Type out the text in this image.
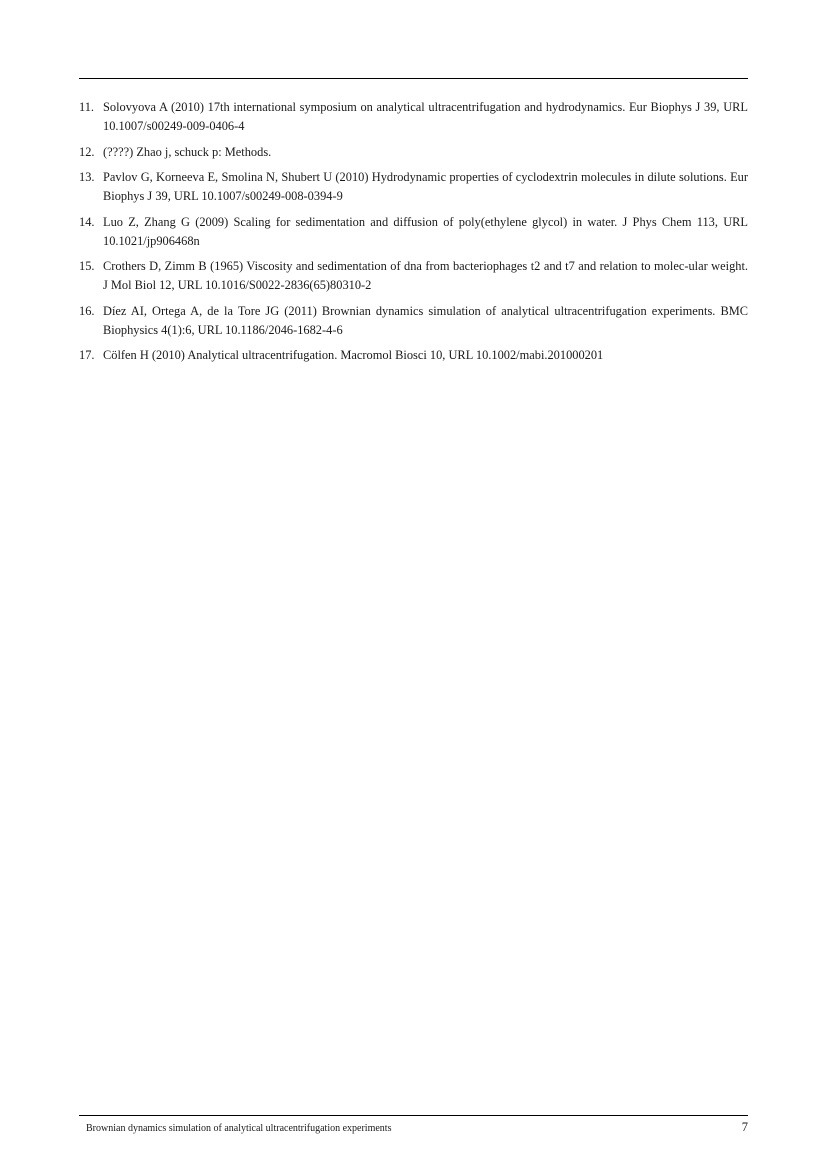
11. Solovyova A (2010) 17th international symposium on analytical ultracentrifugation and hydrodynamics. Eur Biophys J 39, URL 10.1007/s00249-009-0406-4
12. (????) Zhao j, schuck p: Methods.
13. Pavlov G, Korneeva E, Smolina N, Shubert U (2010) Hydrodynamic properties of cyclodextrin molecules in dilute solutions. Eur Biophys J 39, URL 10.1007/s00249-008-0394-9
14. Luo Z, Zhang G (2009) Scaling for sedimentation and diffusion of poly(ethylene glycol) in water. J Phys Chem 113, URL 10.1021/jp906468n
15. Crothers D, Zimm B (1965) Viscosity and sedimentation of dna from bacteriophages t2 and t7 and relation to molec-ular weight. J Mol Biol 12, URL 10.1016/S0022-2836(65)80310-2
16. Díez AI, Ortega A, de la Tore JG (2011) Brownian dynamics simulation of analytical ultracentrifugation experiments. BMC Biophysics 4(1):6, URL 10.1186/2046-1682-4-6
17. Cölfen H (2010) Analytical ultracentrifugation. Macromol Biosci 10, URL 10.1002/mabi.201000201
Brownian dynamics simulation of analytical ultracentrifugation experiments	7
